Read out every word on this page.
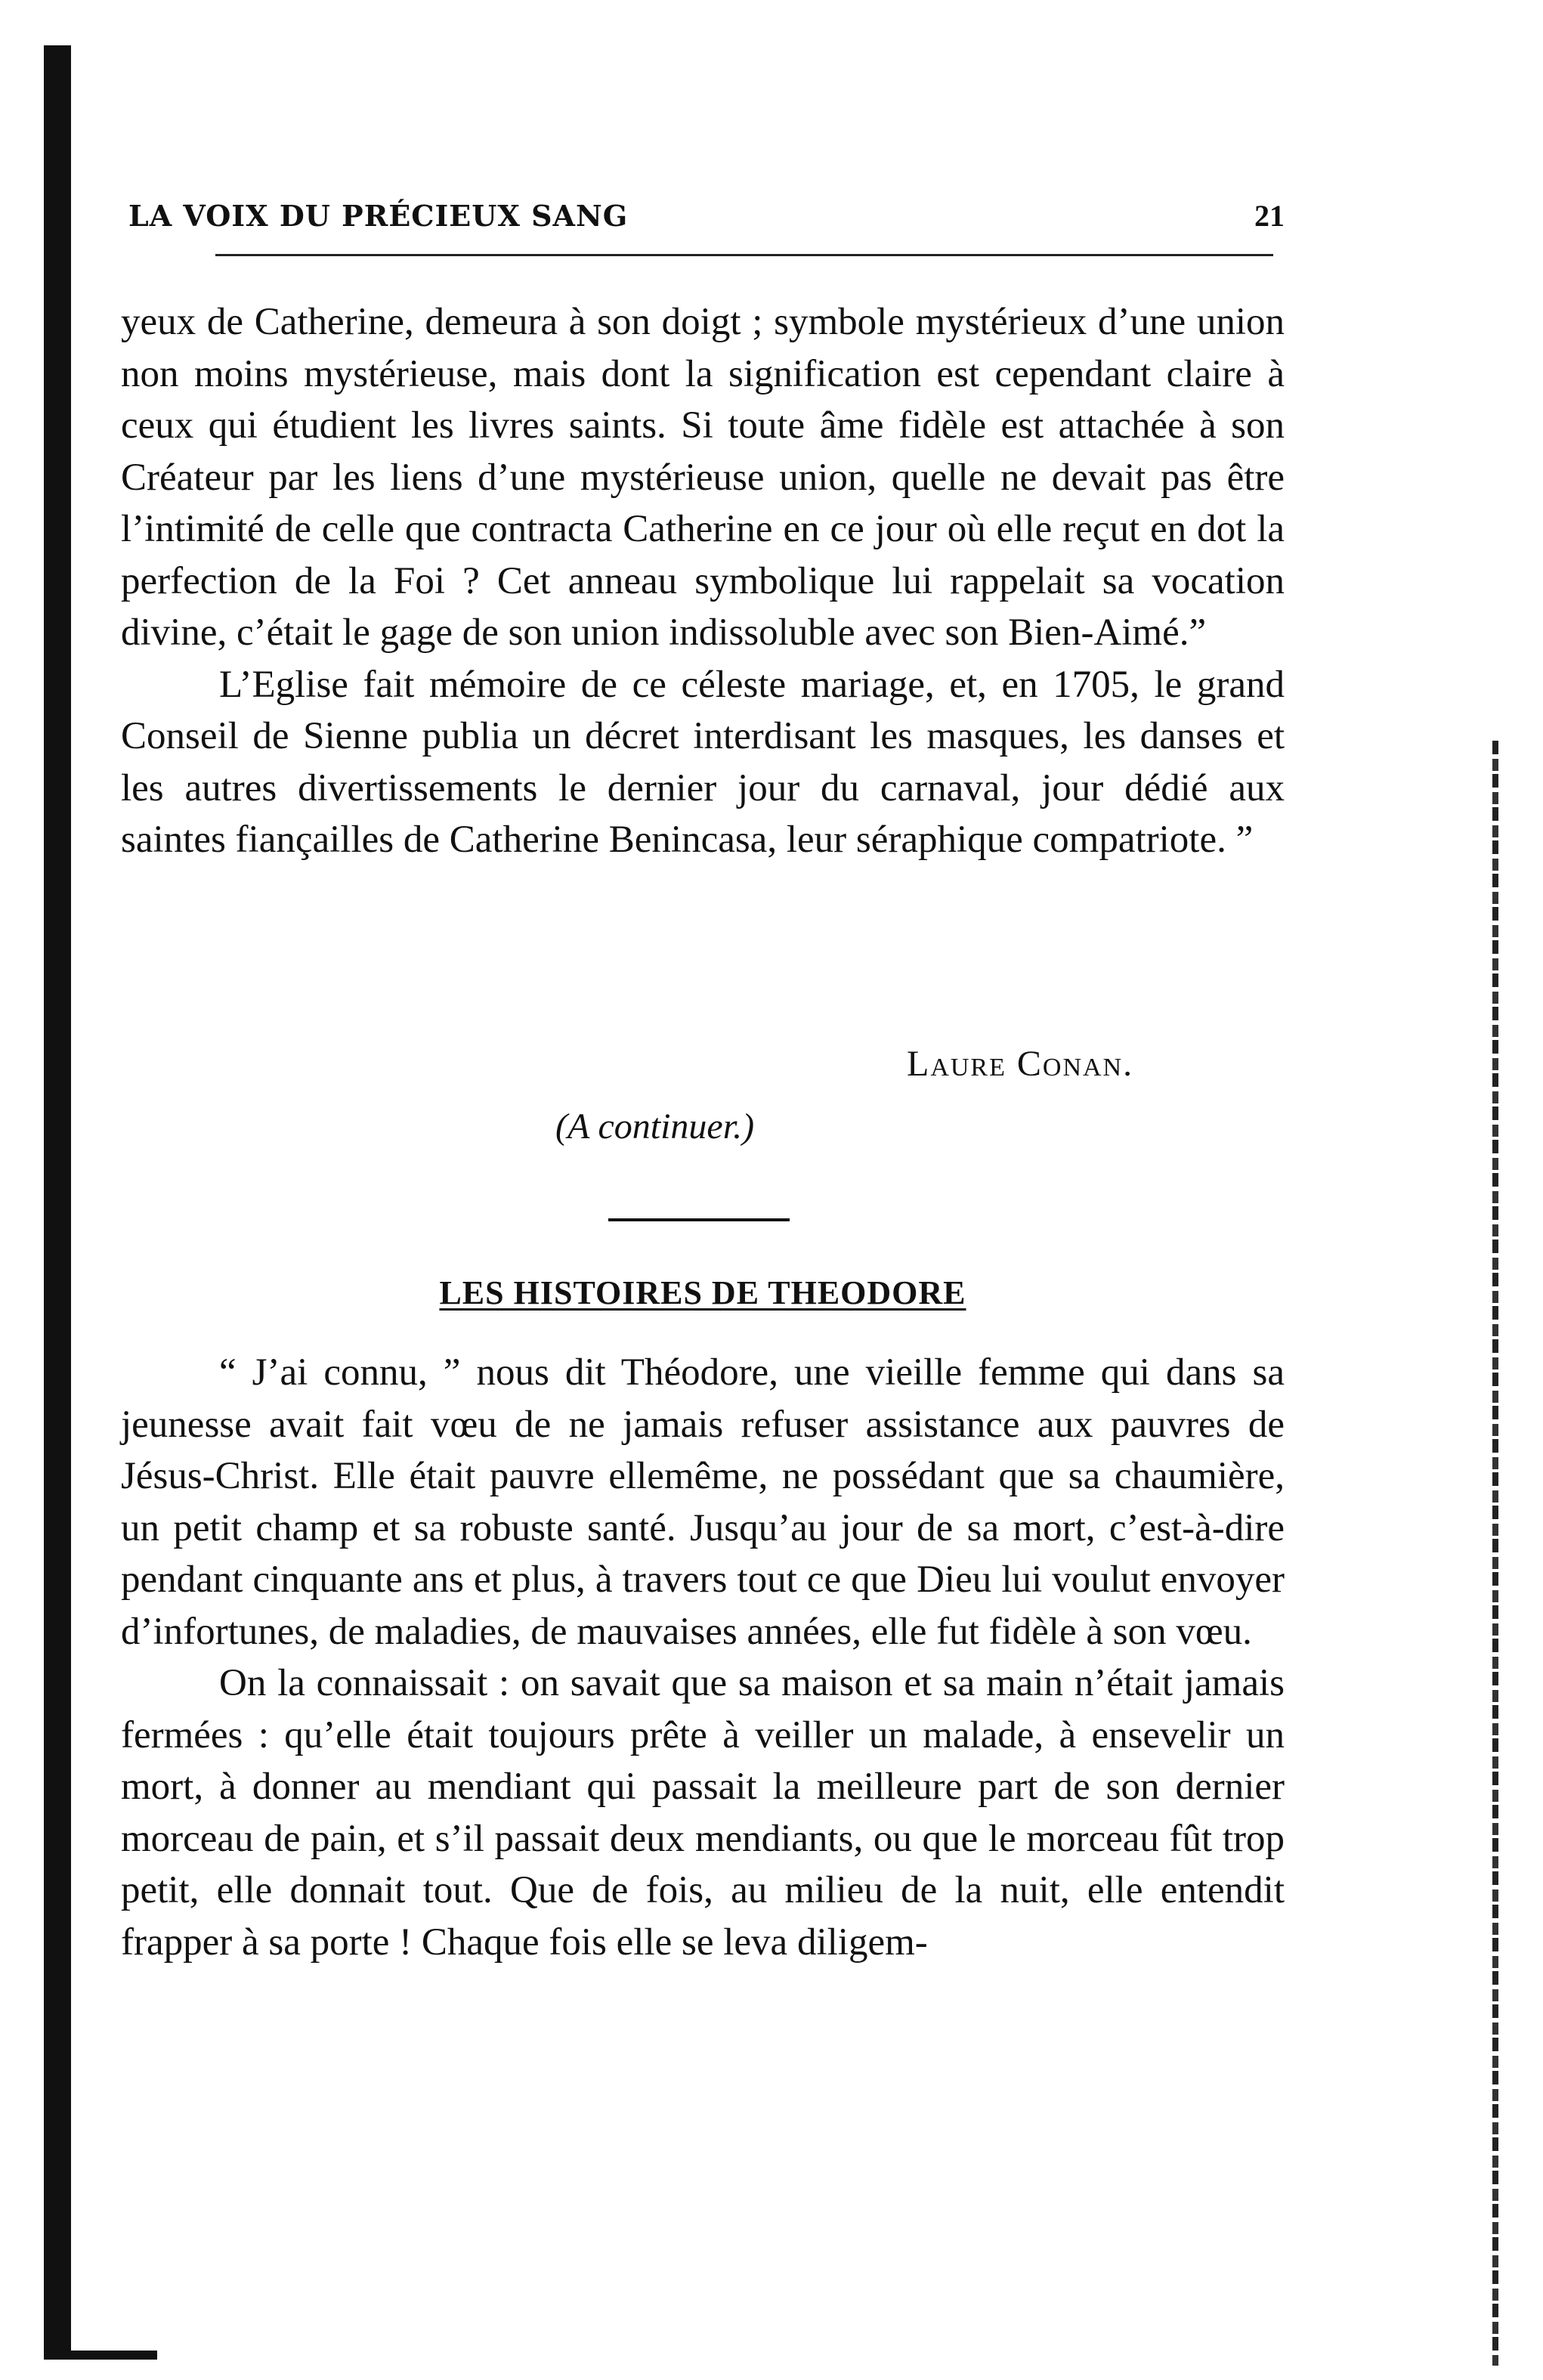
LA VOIX DU PRÉCIEUX SANG	21

yeux de Catherine, demeura à son doigt ; symbole mystérieux d’une union non moins mystérieuse, mais dont la signification est cependant claire à ceux qui étudient les livres saints. Si toute âme fidèle est attachée à son Créateur par les liens d’une mystérieuse union, quelle ne devait pas être l’intimité de celle que contracta Catherine en ce jour où elle reçut en dot la perfection de la Foi ? Cet anneau symbolique lui rappelait sa vocation divine, c’était le gage de son union indissoluble avec son Bien-Aimé.”

L’Eglise fait mémoire de ce céleste mariage, et, en 1705, le grand Conseil de Sienne publia un décret interdisant les masques, les danses et les autres divertissements le dernier jour du carnaval, jour dédié aux saintes fiançailles de Catherine Benincasa, leur séraphique compatriote. ”

Laure Conan.
(A continuer.)
LES HISTOIRES DE THEODORE

“ J’ai connu, ” nous dit Théodore, une vieille femme qui dans sa jeunesse avait fait vœu de ne jamais refuser assistance aux pauvres de Jésus-Christ. Elle était pauvre ellemême, ne possédant que sa chaumière, un petit champ et sa robuste santé. Jusqu’au jour de sa mort, c’est-à-dire pendant cinquante ans et plus, à travers tout ce que Dieu lui voulut envoyer d’infortunes, de maladies, de mauvaises années, elle fut fidèle à son vœu.

On la connaissait : on savait que sa maison et sa main n’était jamais fermées : qu’elle était toujours prête à veiller un malade, à ensevelir un mort, à donner au mendiant qui passait la meilleure part de son dernier morceau de pain, et s’il passait deux mendiants, ou que le morceau fût trop petit, elle donnait tout. Que de fois, au milieu de la nuit, elle entendit frapper à sa porte ! Chaque fois elle se leva diligem-
